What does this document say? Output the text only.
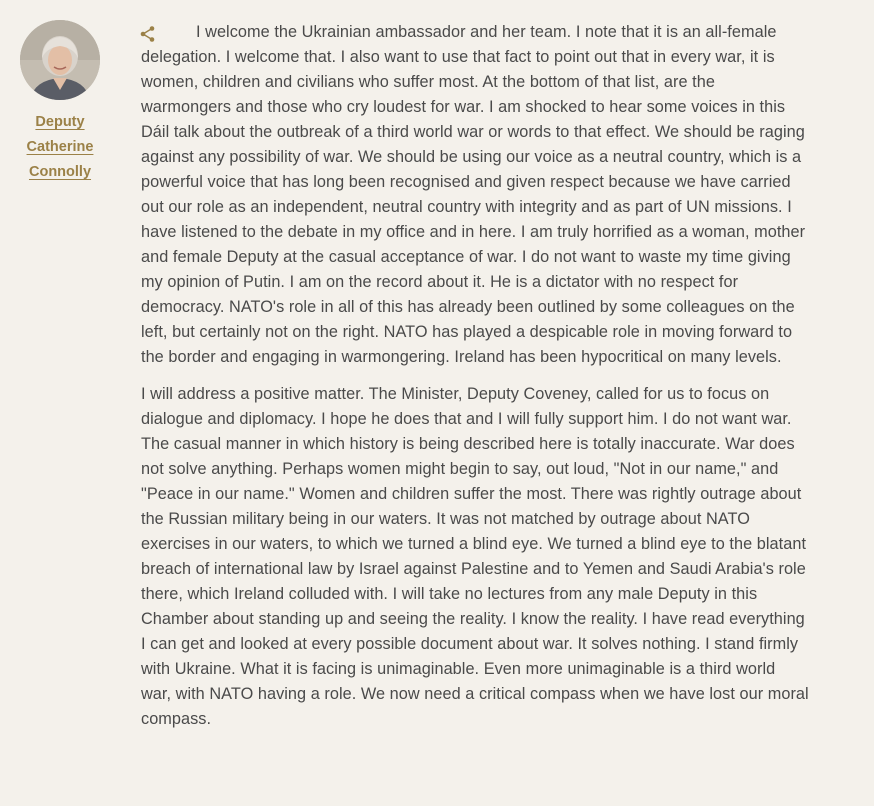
Deputy
Catherine
Connolly

I welcome the Ukrainian ambassador and her team. I note that it is an all-female delegation. I welcome that. I also want to use that fact to point out that in every war, it is women, children and civilians who suffer most. At the bottom of that list, are the warmongers and those who cry loudest for war. I am shocked to hear some voices in this Dáil talk about the outbreak of a third world war or words to that effect. We should be raging against any possibility of war. We should be using our voice as a neutral country, which is a powerful voice that has long been recognised and given respect because we have carried out our role as an independent, neutral country with integrity and as part of UN missions. I have listened to the debate in my office and in here. I am truly horrified as a woman, mother and female Deputy at the casual acceptance of war. I do not want to waste my time giving my opinion of Putin. I am on the record about it. He is a dictator with no respect for democracy. NATO's role in all of this has already been outlined by some colleagues on the left, but certainly not on the right. NATO has played a despicable role in moving forward to the border and engaging in warmongering. Ireland has been hypocritical on many levels.

I will address a positive matter. The Minister, Deputy Coveney, called for us to focus on dialogue and diplomacy. I hope he does that and I will fully support him. I do not want war. The casual manner in which history is being described here is totally inaccurate. War does not solve anything. Perhaps women might begin to say, out loud, "Not in our name," and "Peace in our name." Women and children suffer the most. There was rightly outrage about the Russian military being in our waters. It was not matched by outrage about NATO exercises in our waters, to which we turned a blind eye. We turned a blind eye to the blatant breach of international law by Israel against Palestine and to Yemen and Saudi Arabia's role there, which Ireland colluded with. I will take no lectures from any male Deputy in this Chamber about standing up and seeing the reality. I know the reality. I have read everything I can get and looked at every possible document about war. It solves nothing. I stand firmly with Ukraine. What it is facing is unimaginable. Even more unimaginable is a third world war, with NATO having a role. We now need a critical compass when we have lost our moral compass.
